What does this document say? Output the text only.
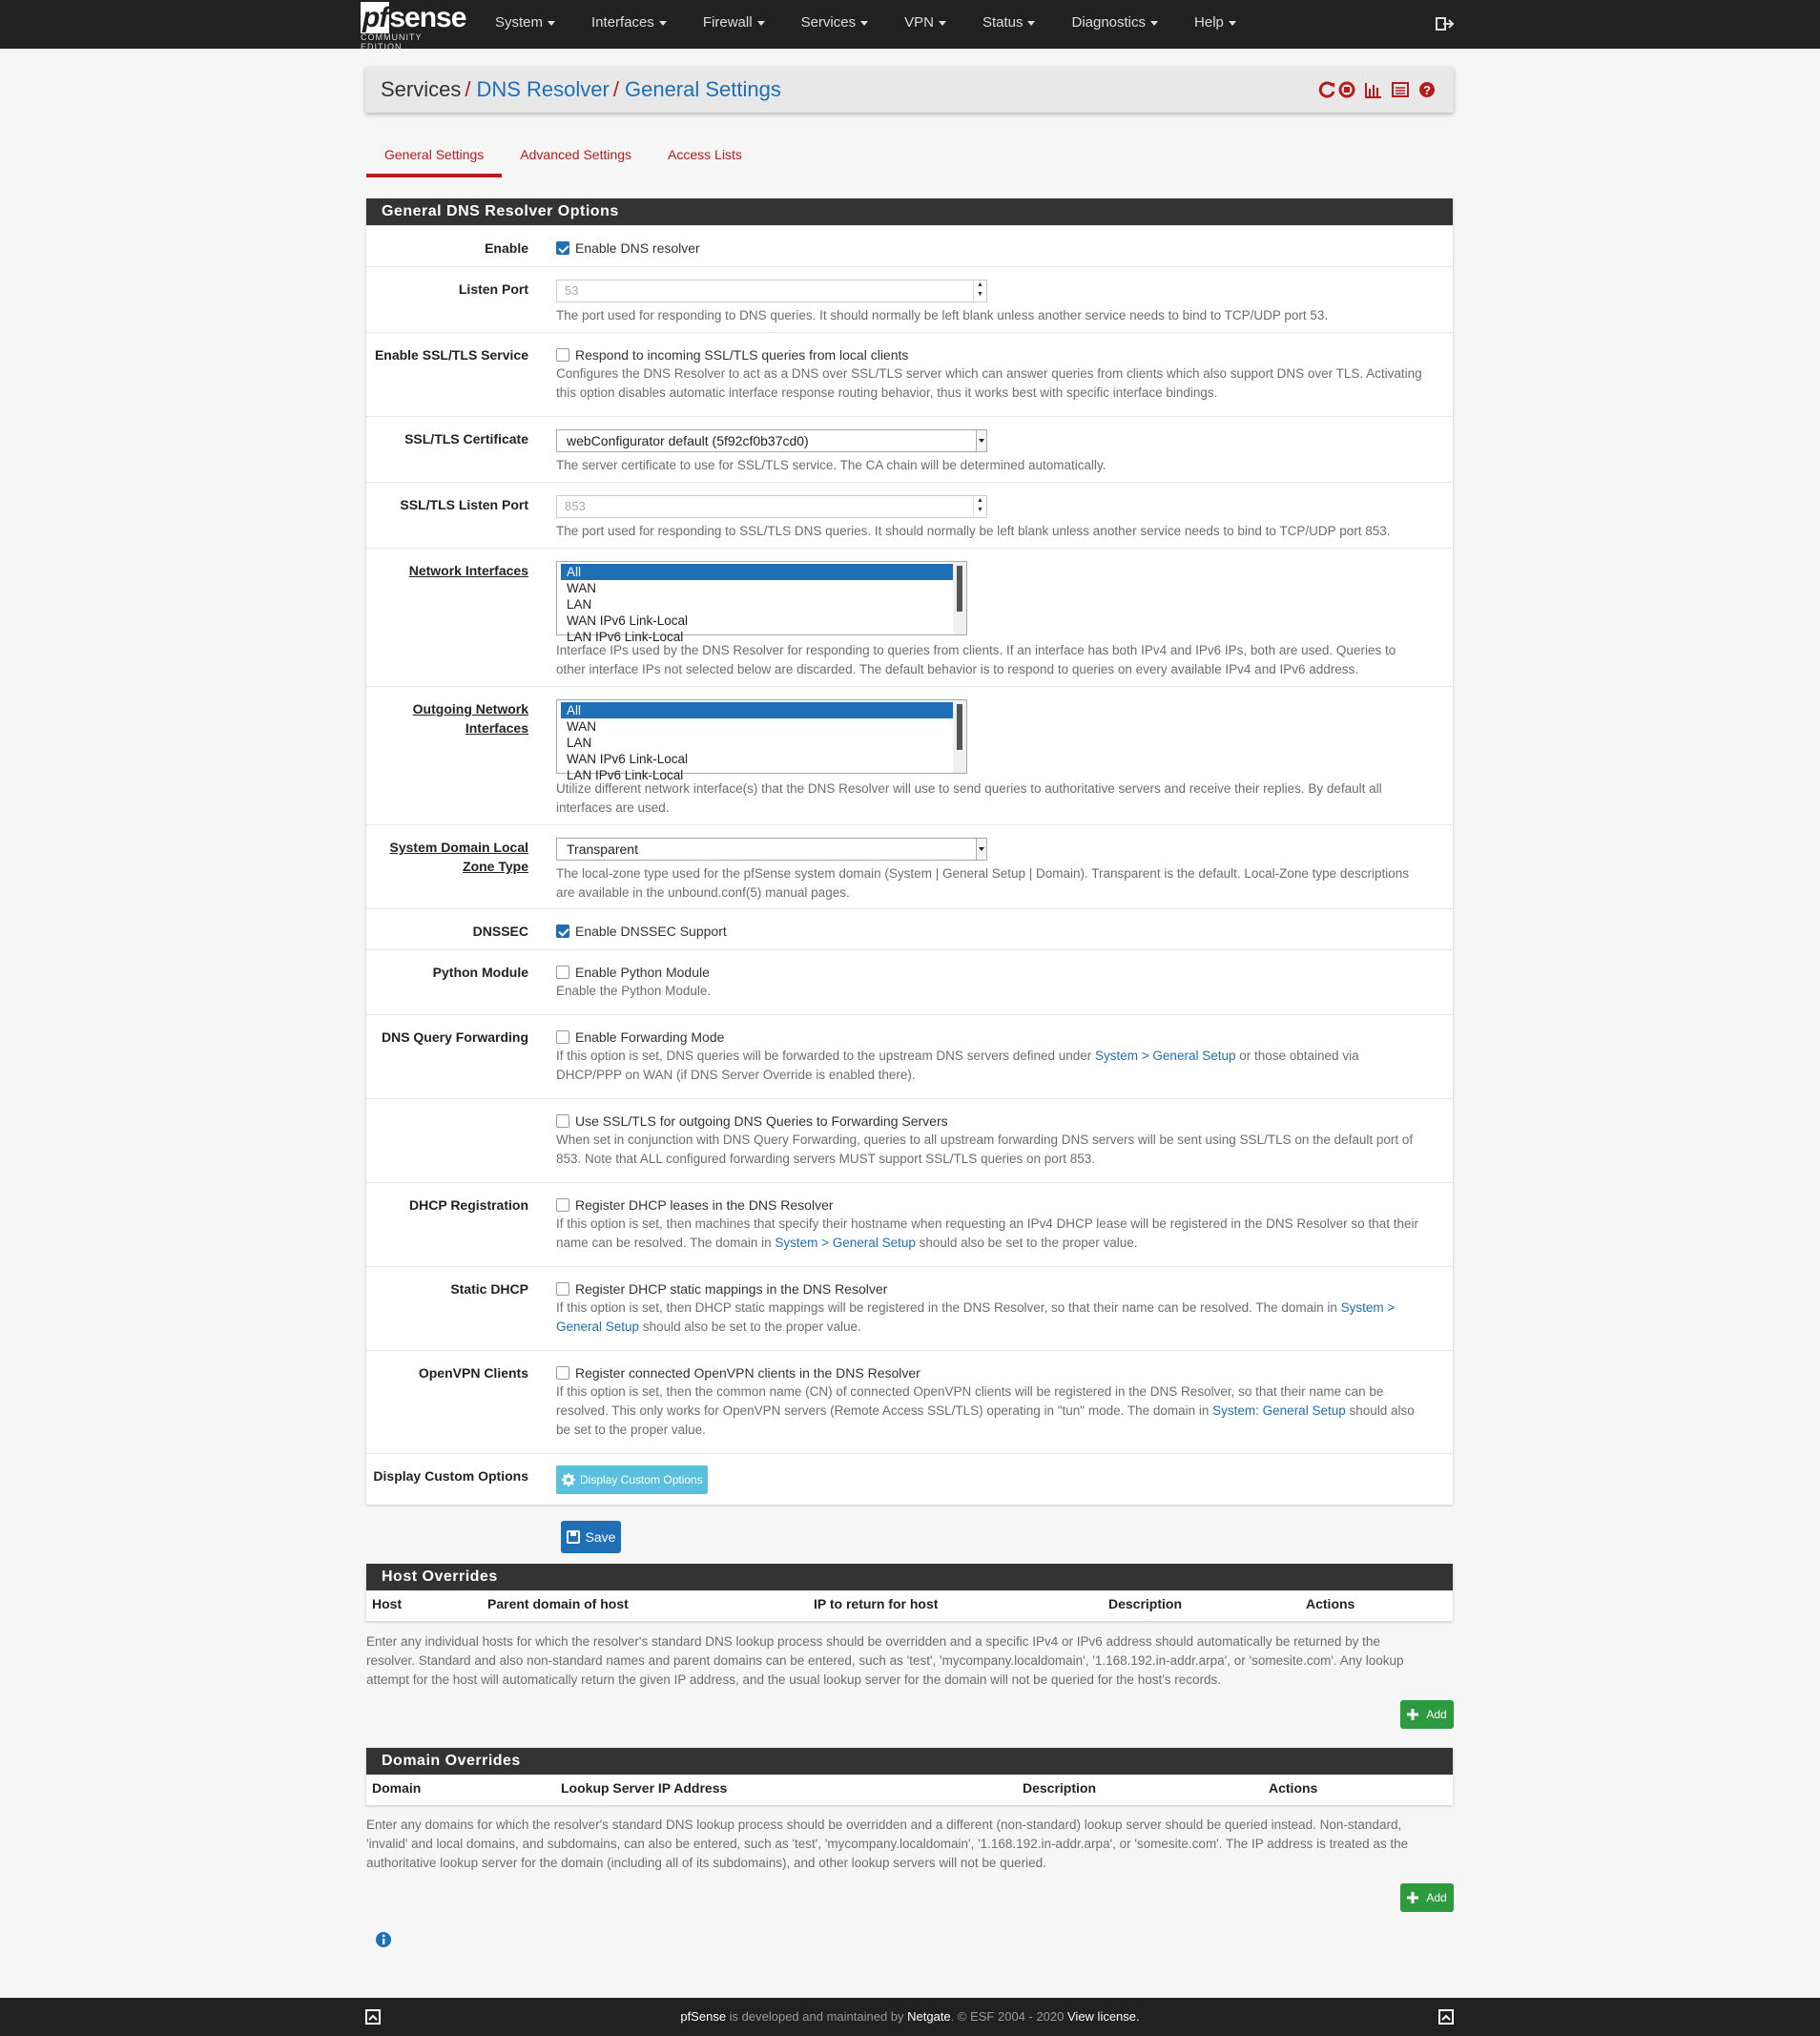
pfsense
COMMUNITY EDITION
System	Interfaces	Firewall	Services	VPN	Status	Diagnostics	Help
Services / DNS Resolver / General Settings	?
General Settings	Advanced Settings	Access Lists
General DNS Resolver Options
Enable	Enable DNS resolver
Listen Port	53	▲
▼
The port used for responding to DNS queries. It should normally be left blank unless another service needs to bind to TCP/UDP port 53.
Enable SSL/TLS Service	Respond to incoming SSL/TLS queries from local clients
Configures the DNS Resolver to act as a DNS over SSL/TLS server which can answer queries from clients which also support DNS over TLS. Activating
this option disables automatic interface response routing behavior, thus it works best with specific interface bindings.
SSL/TLS Certificate	webConfigurator default (5f92cf0b37cd0)
The server certificate to use for SSL/TLS service. The CA chain will be determined automatically.
SSL/TLS Listen Port	853	▲
▼
The port used for responding to SSL/TLS DNS queries. It should normally be left blank unless another service needs to bind to TCP/UDP port 853.
Network Interfaces	All
WAN
LAN
WAN IPv6 Link-Local
LAN IPv6 Link-Local
Interface IPs used by the DNS Resolver for responding to queries from clients. If an interface has both IPv4 and IPv6 IPs, both are used. Queries to
other interface IPs not selected below are discarded. The default behavior is to respond to queries on every available IPv4 and IPv6 address.
Outgoing Network
Interfaces
All
WAN
LAN
WAN IPv6 Link-Local
LAN IPv6 Link-Local
Utilize different network interface(s) that the DNS Resolver will use to send queries to authoritative servers and receive their replies. By default all
interfaces are used.
System Domain Local
Zone Type
Transparent
The local-zone type used for the pfSense system domain (System | General Setup | Domain). Transparent is the default. Local-Zone type descriptions
are available in the unbound.conf(5) manual pages.
DNSSEC	Enable DNSSEC Support
Python Module	Enable Python Module
Enable the Python Module.
DNS Query Forwarding	Enable Forwarding Mode
If this option is set, DNS queries will be forwarded to the upstream DNS servers defined under System > General Setup or those obtained via
DHCP/PPP on WAN (if DNS Server Override is enabled there).
Use SSL/TLS for outgoing DNS Queries to Forwarding Servers
When set in conjunction with DNS Query Forwarding, queries to all upstream forwarding DNS servers will be sent using SSL/TLS on the default port of
853. Note that ALL configured forwarding servers MUST support SSL/TLS queries on port 853.
DHCP Registration	Register DHCP leases in the DNS Resolver
If this option is set, then machines that specify their hostname when requesting an IPv4 DHCP lease will be registered in the DNS Resolver so that their
name can be resolved. The domain in System > General Setup should also be set to the proper value.
Static DHCP	Register DHCP static mappings in the DNS Resolver
If this option is set, then DHCP static mappings will be registered in the DNS Resolver, so that their name can be resolved. The domain in System >
General Setup should also be set to the proper value.
OpenVPN Clients	Register connected OpenVPN clients in the DNS Resolver
If this option is set, then the common name (CN) of connected OpenVPN clients will be registered in the DNS Resolver, so that their name can be
resolved. This only works for OpenVPN servers (Remote Access SSL/TLS) operating in "tun" mode. The domain in System: General Setup should also
be set to the proper value.
Display Custom Options	Display Custom Options
Save
Host Overrides
Host	Parent domain of host	IP to return for host	Description	Actions
Enter any individual hosts for which the resolver's standard DNS lookup process should be overridden and a specific IPv4 or IPv6 address should automatically be returned by the
resolver. Standard and also non-standard names and parent domains can be entered, such as 'test', 'mycompany.localdomain', '1.168.192.in-addr.arpa', or 'somesite.com'. Any lookup
attempt for the host will automatically return the given IP address, and the usual lookup server for the domain will not be queried for the host's records.
Add
Domain Overrides
Domain	Lookup Server IP Address	Description	Actions
Enter any domains for which the resolver's standard DNS lookup process should be overridden and a different (non-standard) lookup server should be queried instead. Non-standard,
'invalid' and local domains, and subdomains, can also be entered, such as 'test', 'mycompany.localdomain', '1.168.192.in-addr.arpa', or 'somesite.com'. The IP address is treated as the
authoritative lookup server for the domain (including all of its subdomains), and other lookup servers will not be queried.
Add
pfSense is developed and maintained by Netgate. © ESF 2004 - 2020 View license.
